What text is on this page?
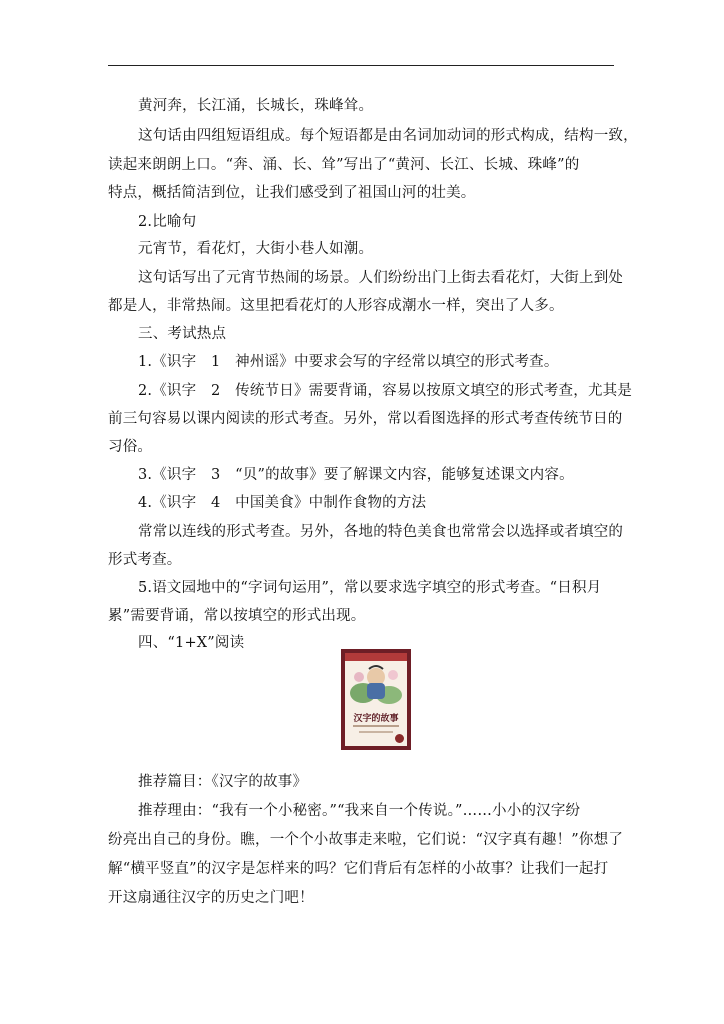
黄河奔，长江涌，长城长，珠峰耸。
这句话由四组短语组成。每个短语都是由名词加动词的形式构成，结构一致，
读起来朗朗上口。“奔、涌、长、耸”写出了“黄河、长江、长城、珠峰”的
特点，概括简洁到位，让我们感受到了祖国山河的壮美。
2.比喻句
元宵节，看花灯，大街小巷人如潮。
这句话写出了元宵节热闹的场景。人们纷纷出门上街去看花灯，大街上到处
都是人，非常热闹。这里把看花灯的人形容成潮水一样，突出了人多。
三、考试热点
1.《识字　1　神州谣》中要求会写的字经常以填空的形式考查。
2.《识字　2　传统节日》需要背诵，容易以按原文填空的形式考查，尤其是
前三句容易以课内阅读的形式考查。另外，常以看图选择的形式考查传统节日的
习俗。
3.《识字　3　“贝”的故事》要了解课文内容，能够复述课文内容。
4.《识字　4　中国美食》中制作食物的方法
常常以连线的形式考查。另外，各地的特色美食也常常会以选择或者填空的
形式考查。
5.语文园地中的“字词句运用”，常以要求选字填空的形式考查。“日积月
累”需要背诵，常以按填空的形式出现。
四、“1+X”阅读
汉字的故事
推荐篇目：《汉字的故事》
推荐理由：“我有一个小秘密。”“我来自一个传说。”……小小的汉字纷
纷亮出自己的身份。瞧，一个个小故事走来啦，它们说：“汉字真有趣！”你想了
解“横平竖直”的汉字是怎样来的吗？它们背后有怎样的小故事？让我们一起打
开这扇通往汉字的历史之门吧！
